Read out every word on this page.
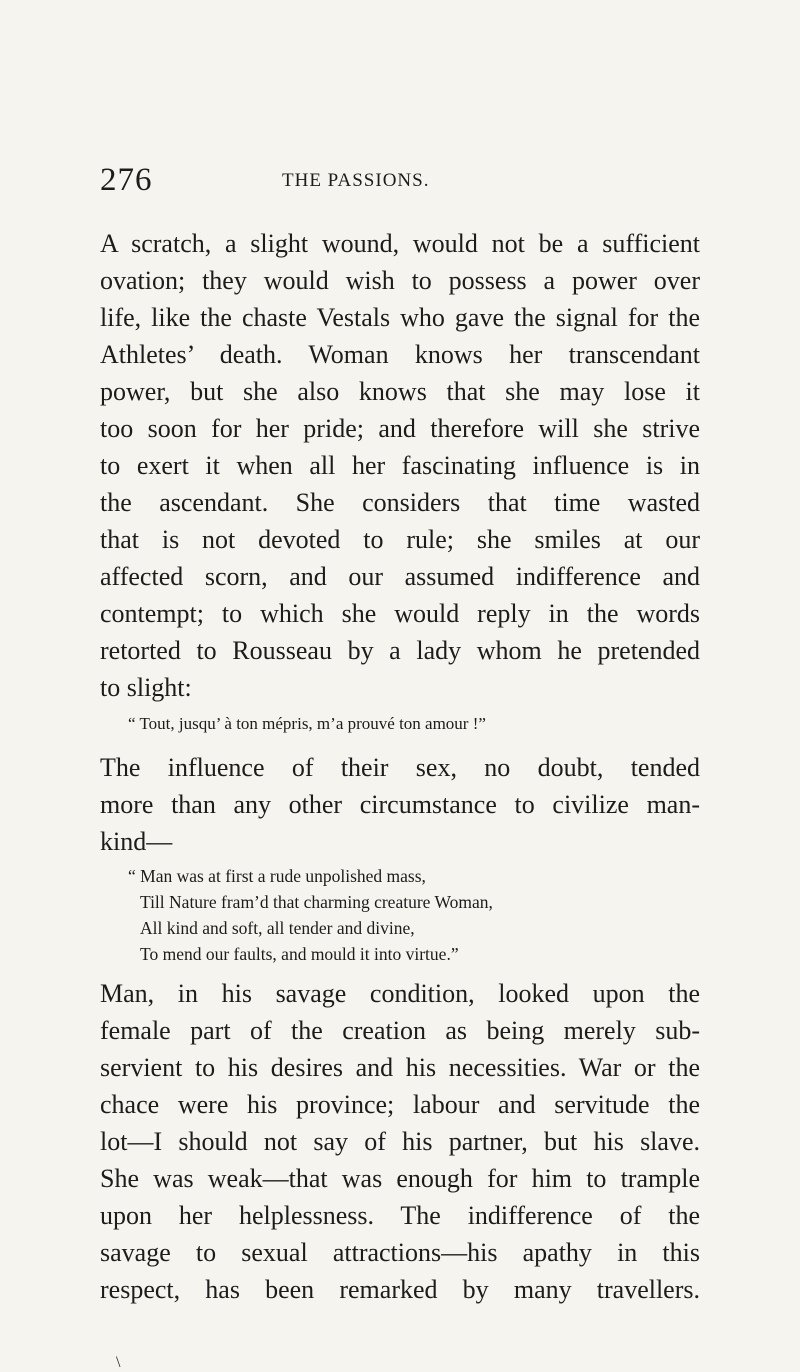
276	THE PASSIONS.
A scratch, a slight wound, would not be a sufficient
ovation; they would wish to possess a power over
life, like the chaste Vestals who gave the signal for the
Athletes’ death. Woman knows her transcendant
power, but she also knows that she may lose it
too soon for her pride; and therefore will she strive
to exert it when all her fascinating influence is in
the ascendant. She considers that time wasted
that is not devoted to rule; she smiles at our
affected scorn, and our assumed indifference and
contempt; to which she would reply in the words
retorted to Rousseau by a lady whom he pretended
to slight:
“ Tout, jusqu’ à ton mépris, m’a prouvé ton amour !”
The influence of their sex, no doubt, tended
more than any other circumstance to civilize man-
kind—
“ Man was at first a rude unpolished mass,
Till Nature fram’d that charming creature Woman,
All kind and soft, all tender and divine,
To mend our faults, and mould it into virtue.”
Man, in his savage condition, looked upon the
female part of the creation as being merely sub-
servient to his desires and his necessities. War or the
chace were his province; labour and servitude the
lot—I should not say of his partner, but his slave.
She was weak—that was enough for him to trample
upon her helplessness. The indifference of the
savage to sexual attractions—his apathy in this
respect, has been remarked by many travellers.
\
